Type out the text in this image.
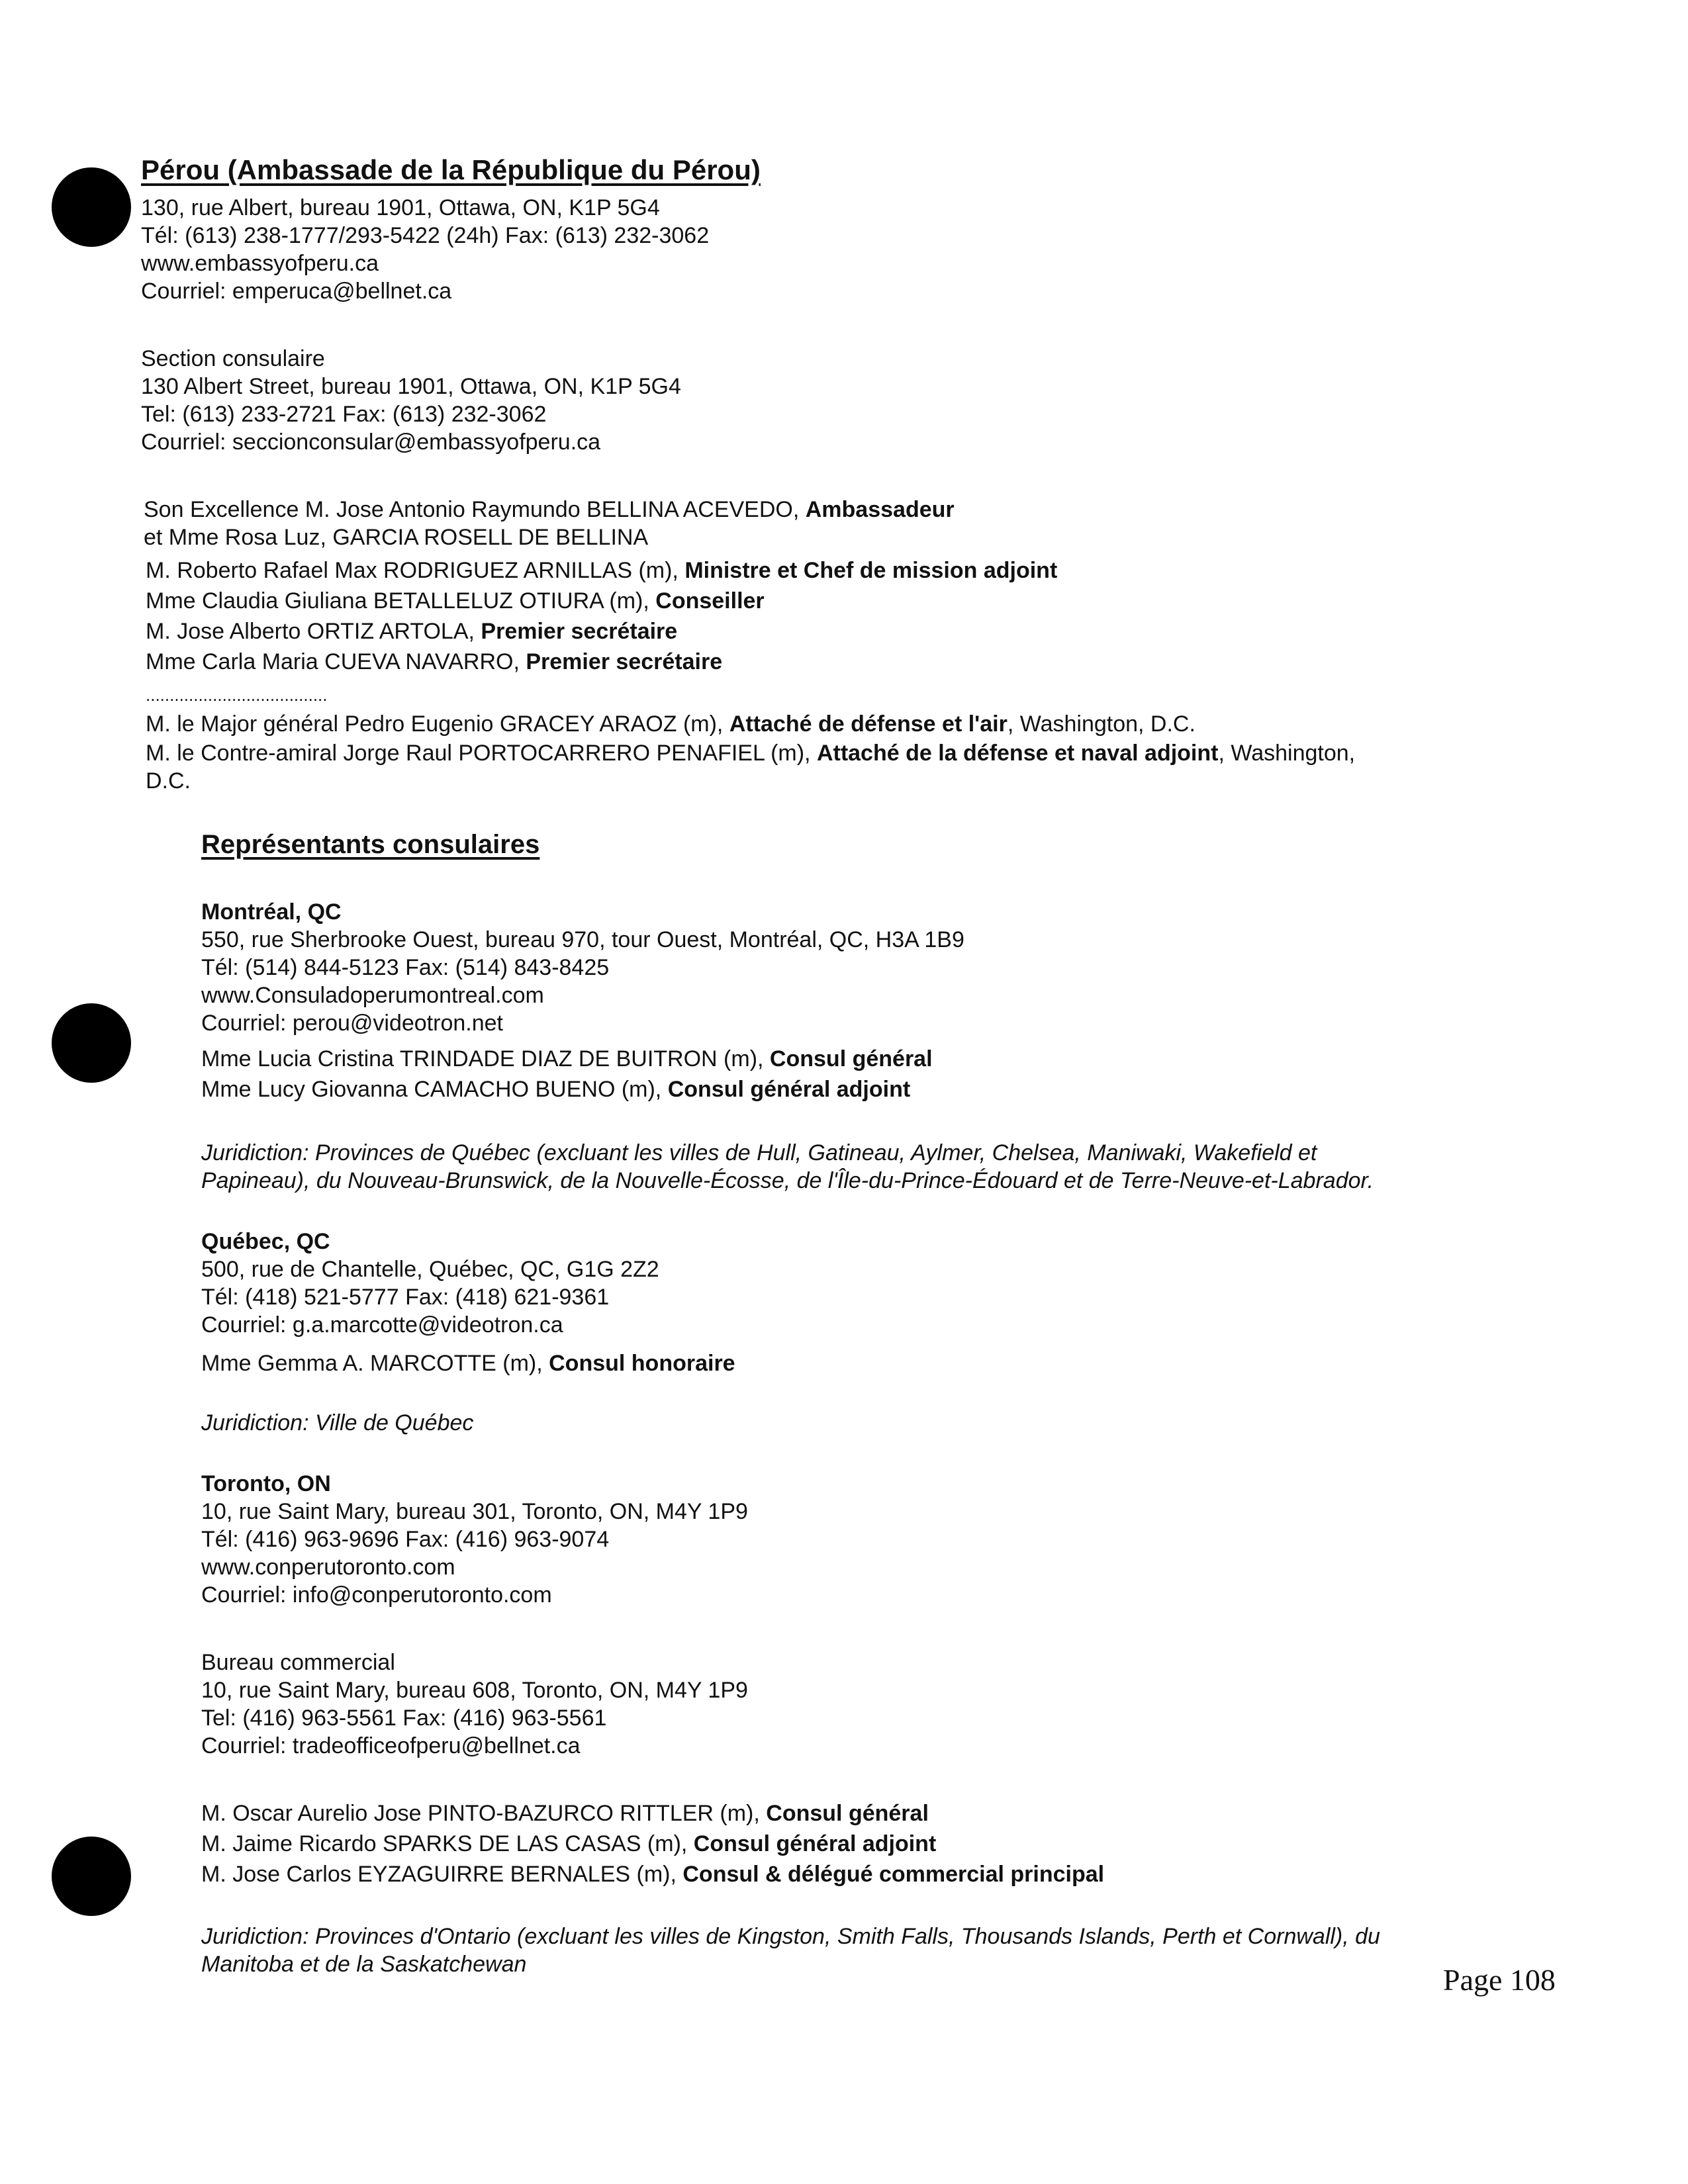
Pérou (Ambassade de la République du Pérou)
130, rue Albert, bureau 1901, Ottawa, ON, K1P 5G4
Tél: (613) 238-1777/293-5422 (24h) Fax: (613) 232-3062
www.embassyofperu.ca
Courriel: emperuca@bellnet.ca
Section consulaire
130 Albert Street, bureau 1901, Ottawa, ON, K1P 5G4
Tel: (613) 233-2721 Fax: (613) 232-3062
Courriel: seccionconsular@embassyofperu.ca
Son Excellence M. Jose Antonio Raymundo BELLINA ACEVEDO, Ambassadeur
et Mme Rosa Luz, GARCIA ROSELL DE BELLINA
M. Roberto Rafael Max RODRIGUEZ ARNILLAS (m), Ministre et Chef de mission adjoint
Mme Claudia Giuliana BETALLELUZ OTIURA (m), Conseiller
M. Jose Alberto ORTIZ ARTOLA, Premier secrétaire
Mme Carla Maria CUEVA NAVARRO, Premier secrétaire
......................................
M. le Major général Pedro Eugenio GRACEY ARAOZ (m), Attaché de défense et l'air, Washington, D.C.
M. le Contre-amiral Jorge Raul PORTOCARRERO PENAFIEL (m), Attaché de la défense et naval adjoint, Washington,
D.C.
Représentants consulaires
Montréal, QC
550, rue Sherbrooke Ouest, bureau 970, tour Ouest, Montréal, QC, H3A 1B9
Tél: (514) 844-5123 Fax: (514) 843-8425
www.Consuladoperumontreal.com
Courriel: perou@videotron.net
Mme Lucia Cristina TRINDADE DIAZ DE BUITRON (m), Consul général
Mme Lucy Giovanna CAMACHO BUENO (m), Consul général adjoint
Juridiction: Provinces de Québec (excluant les villes de Hull, Gatineau, Aylmer, Chelsea, Maniwaki, Wakefield et
Papineau), du Nouveau-Brunswick, de la Nouvelle-Écosse, de l'Île-du-Prince-Édouard et de Terre-Neuve-et-Labrador.
Québec, QC
500, rue de Chantelle, Québec, QC, G1G 2Z2
Tél: (418) 521-5777 Fax: (418) 621-9361
Courriel: g.a.marcotte@videotron.ca
Mme Gemma A. MARCOTTE (m), Consul honoraire
Juridiction: Ville de Québec
Toronto, ON
10, rue Saint Mary, bureau 301, Toronto, ON, M4Y 1P9
Tél: (416) 963-9696 Fax: (416) 963-9074
www.conperutoronto.com
Courriel: info@conperutoronto.com
Bureau commercial
10, rue Saint Mary, bureau 608, Toronto, ON, M4Y 1P9
Tel: (416) 963-5561 Fax: (416) 963-5561
Courriel: tradeofficeofperu@bellnet.ca
M. Oscar Aurelio Jose PINTO-BAZURCO RITTLER (m), Consul général
M. Jaime Ricardo SPARKS DE LAS CASAS (m), Consul général adjoint
M. Jose Carlos EYZAGUIRRE BERNALES (m), Consul & délégué commercial principal
Juridiction: Provinces d'Ontario (excluant les villes de Kingston, Smith Falls, Thousands Islands, Perth et Cornwall), du
Manitoba et de la Saskatchewan	Page 108
